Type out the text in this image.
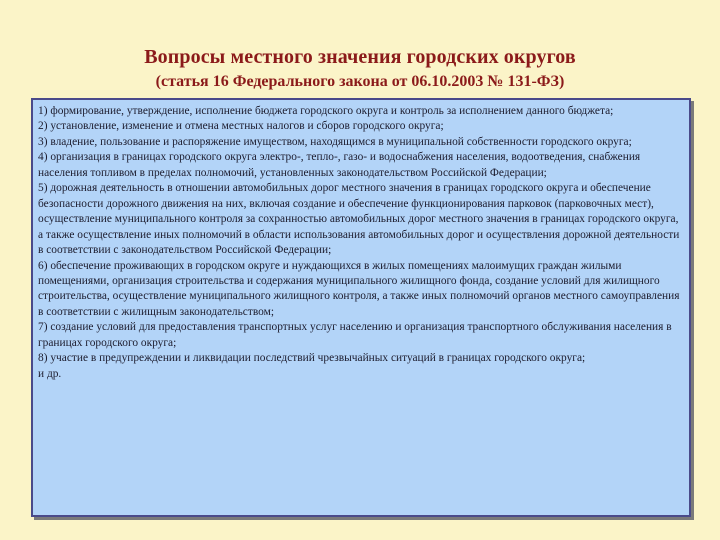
Вопросы местного значения городских округов
(статья 16 Федерального закона от 06.10.2003 № 131-ФЗ)
1) формирование, утверждение, исполнение бюджета городского округа и контроль за исполнением данного бюджета;
2) установление, изменение и отмена местных налогов и сборов городского округа;
3) владение, пользование и распоряжение имуществом, находящимся в муниципальной собственности городского округа;
4) организация в границах городского округа электро-, тепло-, газо- и водоснабжения населения, водоотведения, снабжения населения топливом в пределах полномочий, установленных законодательством Российской Федерации;
5) дорожная деятельность в отношении автомобильных дорог местного значения в границах городского округа и обеспечение безопасности дорожного движения на них, включая создание и обеспечение функционирования парковок (парковочных мест), осуществление муниципального контроля за сохранностью автомобильных дорог местного значения в границах городского округа, а также осуществление иных полномочий в области использования автомобильных дорог и осуществления дорожной деятельности в соответствии с законодательством Российской Федерации;
6) обеспечение проживающих в городском округе и нуждающихся в жилых помещениях малоимущих граждан жилыми помещениями, организация строительства и содержания муниципального жилищного фонда, создание условий для жилищного строительства, осуществление муниципального жилищного контроля, а также иных полномочий органов местного самоуправления в соответствии с жилищным законодательством;
7) создание условий для предоставления транспортных услуг населению и организация транспортного обслуживания населения в границах городского округа;
8) участие в предупреждении и ликвидации последствий чрезвычайных ситуаций в границах городского округа;
и др.
